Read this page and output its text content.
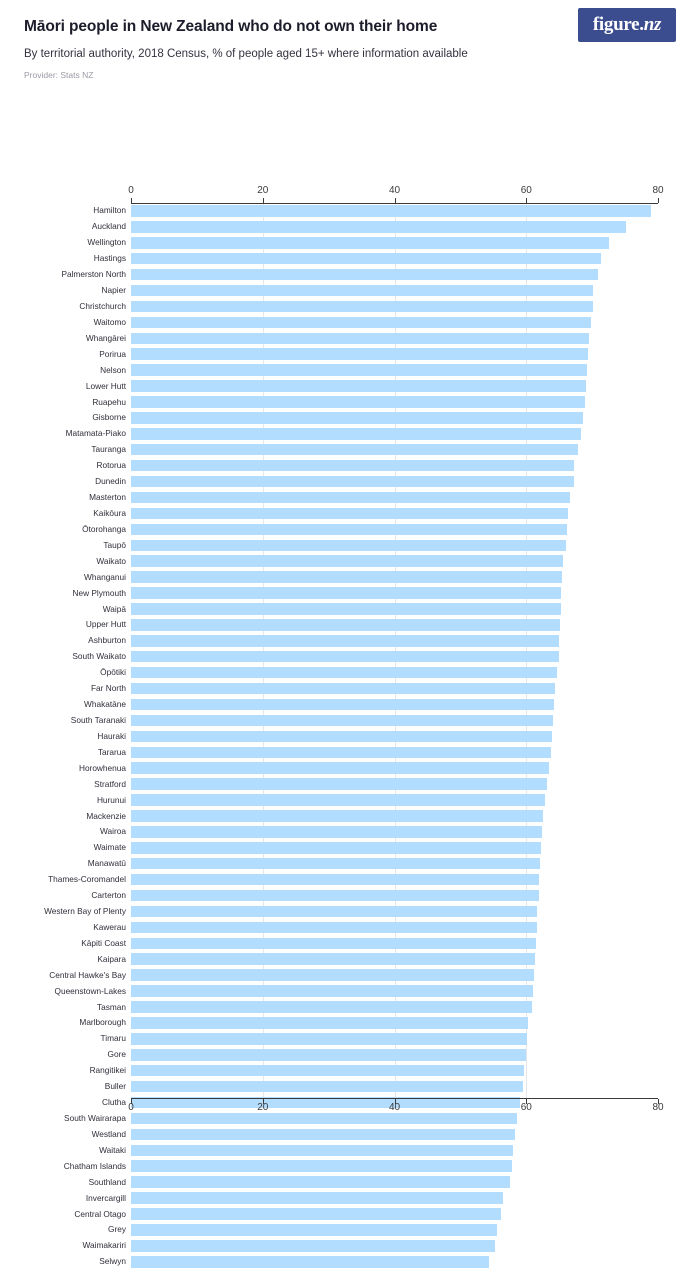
Māori people in New Zealand who do not own their home
By territorial authority, 2018 Census, % of people aged 15+ where information available
Provider: Stats NZ
figure. nz
0	20	40	60	80
Hamilton
Auckland
Wellington
Hastings
Palmerston North
Napier
Christchurch
Waitomo
Whangārei
Porirua
Nelson
Lower Hutt
Ruapehu
Gisborne
Matamata-Piako
Tauranga
Rotorua
Dunedin
Masterton
Kaikōura
Ōtorohanga
Taupō
Waikato
Whanganui
New Plymouth
Waipā
Upper Hutt
Ashburton
South Waikato
Ōpōtiki
Far North
Whakatāne
South Taranaki
Hauraki
Tararua
Horowhenua
Stratford
Hurunui
Mackenzie
Wairoa
Waimate
Manawatū
Thames-Coromandel
Carterton
Western Bay of Plenty
Kawerau
Kāpiti Coast
Kaipara
Central Hawke's Bay
Queenstown-Lakes
Tasman
Marlborough
Timaru
Gore
Rangitikei
Buller
Clutha
South Wairarapa
Westland
Waitaki
Chatham Islands
Southland
Invercargill
Central Otago
Grey
Waimakariri
Selwyn
0	20	40	60	80
